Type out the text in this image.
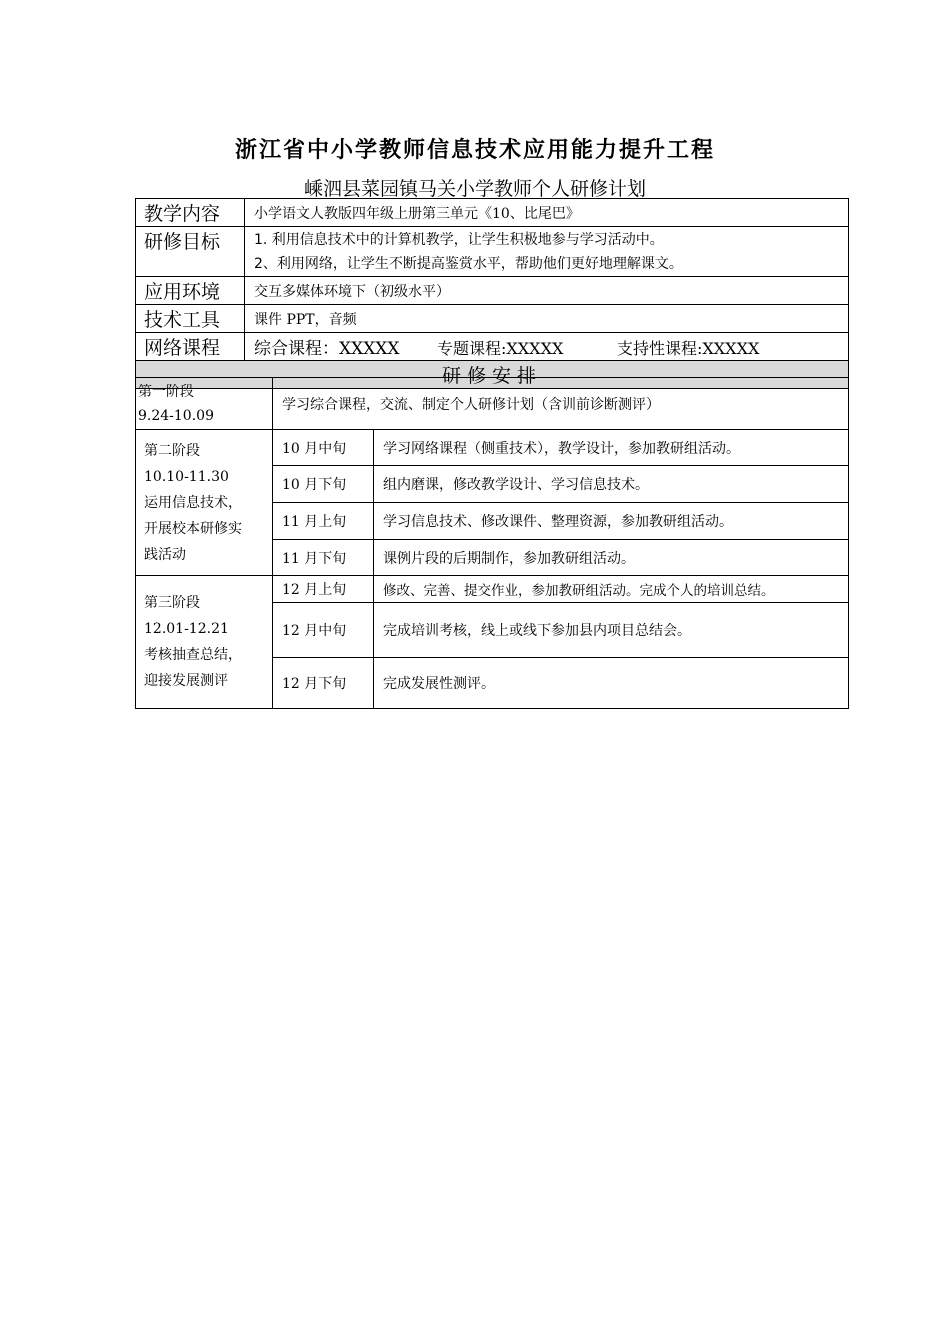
浙江省中小学教师信息技术应用能力提升工程
嵊泗县菜园镇马关小学教师个人研修计划
教学内容	小学语文人教版四年级上册第三单元《10、比尾巴》
研修目标	1. 利用信息技术中的计算机教学，让学生积极地参与学习活动中。
2、利用网络，让学生不断提高鉴赏水平，帮助他们更好地理解课文。

应用环境	交互多媒体环境下（初级水平）
技术工具	课件 PPT，音频
网络课程	综合课程：XXXXX 专题课程:XXXXX 支持性课程:XXXXX
研修安排	
第一阶段
9.24-10.09	学习综合课程，交流、制定个人研修计划（含训前诊断测评）	

第二阶段
10.10-11.30
运用信息技术，
开展校本研修实
践活动	10 月中旬	学习网络课程（侧重技术），教学设计，参加教研组活动。
	10 月下旬	组内磨课，修改教学设计、学习信息技术。
	11 月上旬	学习信息技术、修改课件、整理资源，参加教研组活动。
	11 月下旬	课例片段的后期制作，参加教研组活动。

第三阶段
12.01-12.21
考核抽查总结，
迎接发展测评	12 月上旬	修改、完善、提交作业，参加教研组活动。完成个人的培训总结。
	12 月中旬	完成培训考核，线上或线下参加县内项目总结会。
	12 月下旬	完成发展性测评。
